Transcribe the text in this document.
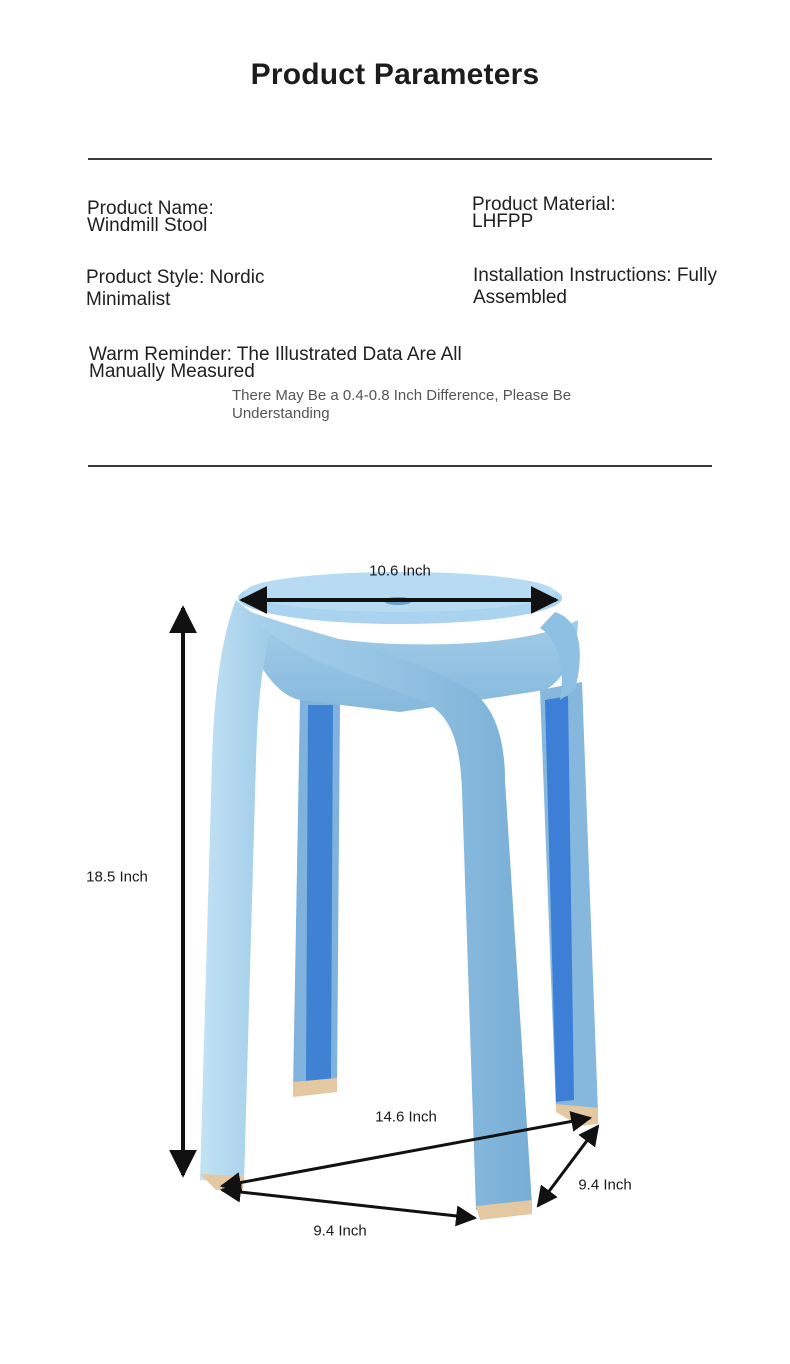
Product Parameters
Product Name:
Windmill Stool
Product Material:
LHFPP
Product Style: Nordic
Minimalist
Installation Instructions: Fully
Assembled
Warm Reminder: The Illustrated Data Are All
Manually Measured
There May Be a 0.4-0.8 Inch Difference, Please Be
Understanding
10.6 Inch
18.5 Inch
14.6 Inch
9.4 Inch
9.4 Inch
